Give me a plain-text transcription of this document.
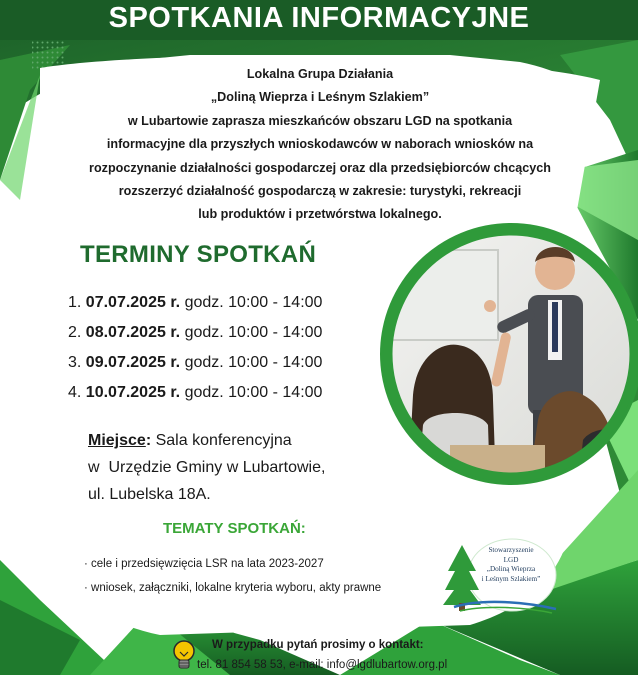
SPOTKANIA INFORMACYJNE
Lokalna Grupa Działania
„Doliną Wieprza i Leśnym Szlakiem”
w Lubartowie zaprasza mieszkańców obszaru LGD na spotkania
informacyjne dla przyszłych wnioskodawców w naborach wniosków na
rozpoczynanie działalności gospodarczej oraz dla przedsiębiorców chcących
rozszerzyć działalność gospodarczą w zakresie: turystyki, rekreacji
lub produktów i przetwórstwa lokalnego.
TERMINY SPOTKAŃ
1. 07.07.2025 r. godz. 10:00 - 14:00
2. 08.07.2025 r. godz. 10:00 - 14:00
3. 09.07.2025 r. godz. 10:00 - 14:00
4. 10.07.2025 r. godz. 10:00 - 14:00
Miejsce: Sala konferencyjna
w  Urzędzie Gminy w Lubartowie,
ul. Lubelska 18A.
TEMATY SPOTKAŃ:
· cele i przedsięwzięcia LSR na lata 2023-2027
· wniosek, załączniki, lokalne kryteria wyboru, akty prawne
Stowarzyszenie
LGD
„Doliną Wieprza
i Leśnym Szlakiem”
W przypadku pytań prosimy o kontakt:
tel. 81 854 58 53, e-mail: info@lgdlubartow.org.pl
